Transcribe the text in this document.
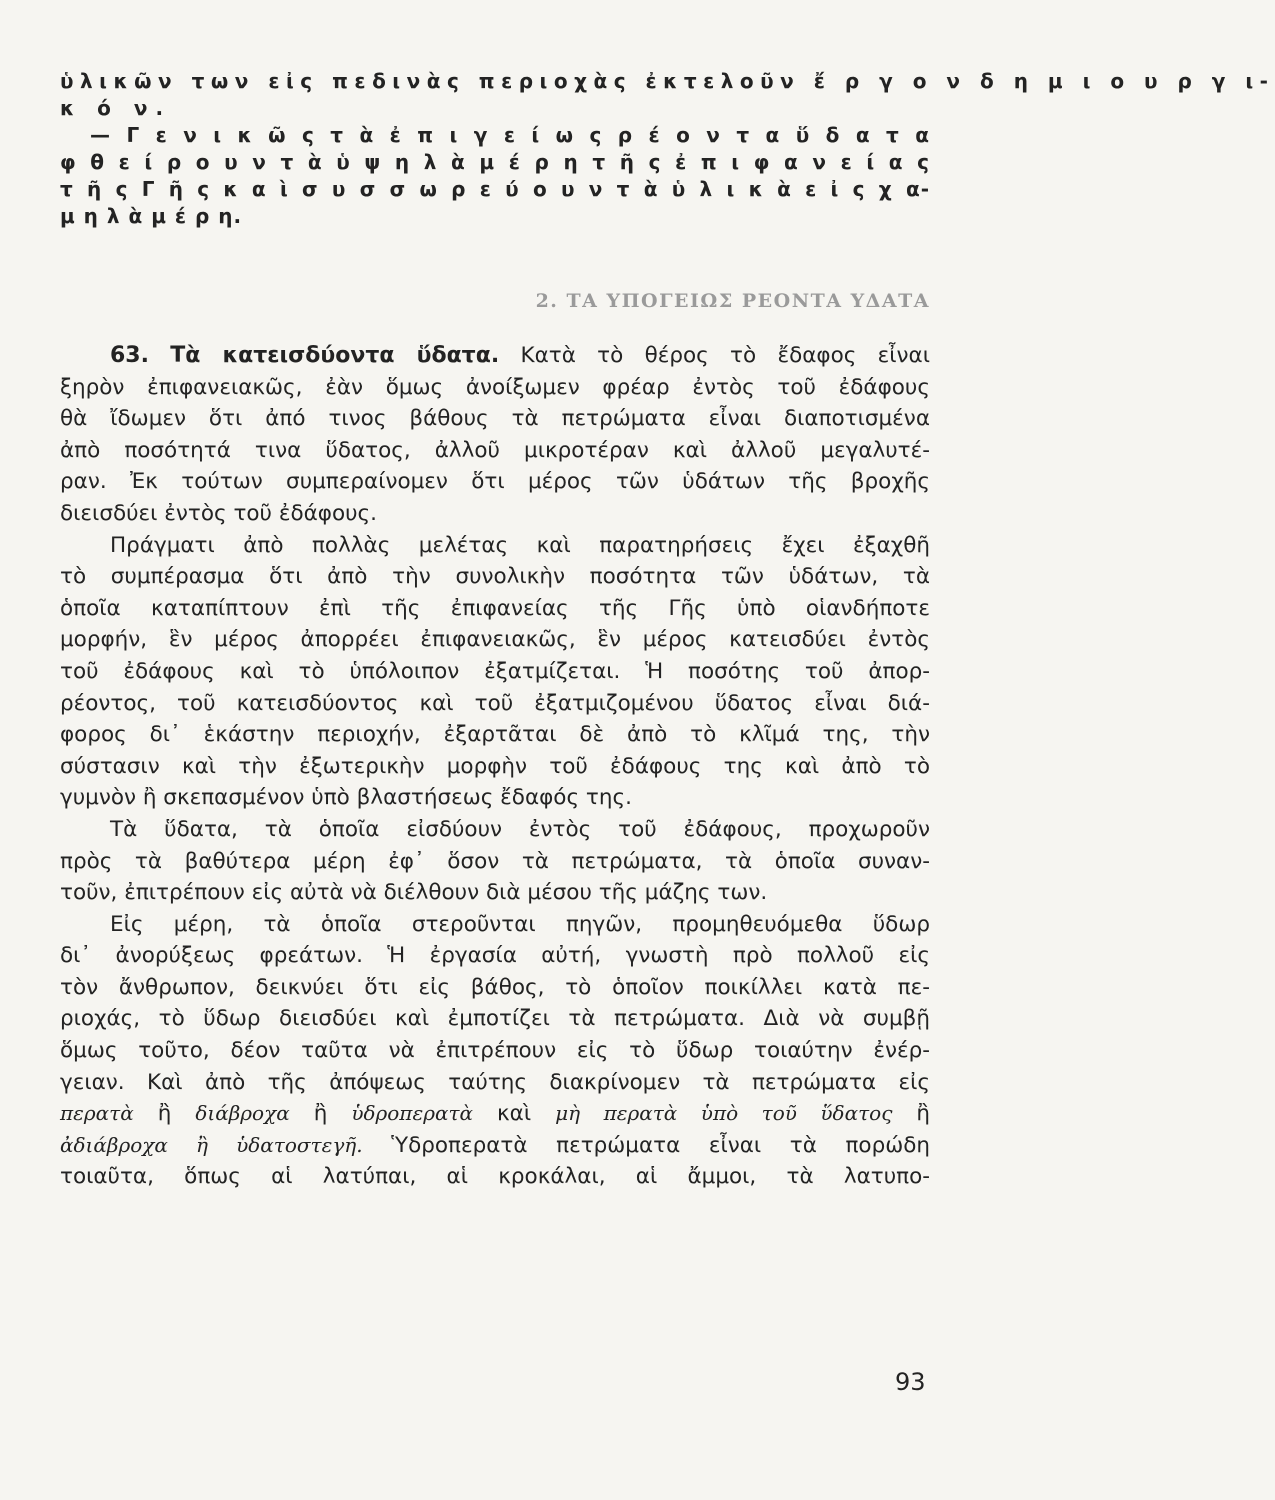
ὑλικῶν των εἰς πεδινὰς περιοχὰς ἐκτελοῦν ἔ ρ γ ο ν δ η μ ι ο υ ρ γ ι-
κ ό ν.
— Γ ε ν ι κ ῶ ς τ ὰ ἐ π ι γ ε ί ω ς ρ έ ο ν τ α ὕ δ α τ α
φ θ ε ί ρ ο υ ν τ ὰ ὑ ψ η λ ὰ μ έ ρ η τ ῆ ς ἐ π ι φ α ν ε ί α ς
τ ῆ ς Γ ῆ ς κ α ὶ σ υ σ σ ω ρ ε ύ ο υ ν τ ὰ ὑ λ ι κ ὰ ε ἰ ς χ α-
μ η λ ὰ μ έ ρ η.
2. ΤΑ ΥΠΟΓΕΙΩΣ ΡΕΟΝΤΑ ΥΔΑΤΑ
63. Τὰ κατεισδύοντα ὕδατα. Κατὰ τὸ θέρος τὸ ἔδαφος εἶναι
ξηρὸν ἐπιφανειακῶς, ἐὰν ὅμως ἀνοίξωμεν φρέαρ ἐντὸς τοῦ ἐδάφους
θὰ ἴδωμεν ὅτι ἀπό τινος βάθους τὰ πετρώματα εἶναι διαποτισμένα
ἀπὸ ποσότητά τινα ὕδατος, ἀλλοῦ μικροτέραν καὶ ἀλλοῦ μεγαλυτέ-
ραν. Ἐκ τούτων συμπεραίνομεν ὅτι μέρος τῶν ὑδάτων τῆς βροχῆς
διεισδύει ἐντὸς τοῦ ἐδάφους.
Πράγματι ἀπὸ πολλὰς μελέτας καὶ παρατηρήσεις ἔχει ἐξαχθῆ
τὸ συμπέρασμα ὅτι ἀπὸ τὴν συνολικὴν ποσότητα τῶν ὑδάτων, τὰ
ὁποῖα καταπίπτουν ἐπὶ τῆς ἐπιφανείας τῆς Γῆς ὑπὸ οἱανδήποτε
μορφήν, ἓν μέρος ἀπορρέει ἐπιφανειακῶς, ἓν μέρος κατεισδύει ἐντὸς
τοῦ ἐδάφους καὶ τὸ ὑπόλοιπον ἐξατμίζεται. Ἡ ποσότης τοῦ ἀπορ-
ρέοντος, τοῦ κατεισδύοντος καὶ τοῦ ἐξατμιζομένου ὕδατος εἶναι διά-
φορος δι᾽ ἑκάστην περιοχήν, ἐξαρτᾶται δὲ ἀπὸ τὸ κλῖμά της, τὴν
σύστασιν καὶ τὴν ἐξωτερικὴν μορφὴν τοῦ ἐδάφους της καὶ ἀπὸ τὸ
γυμνὸν ἢ σκεπασμένον ὑπὸ βλαστήσεως ἔδαφός της.
Τὰ ὕδατα, τὰ ὁποῖα εἰσδύουν ἐντὸς τοῦ ἐδάφους, προχωροῦν
πρὸς τὰ βαθύτερα μέρη ἐφ᾽ ὅσον τὰ πετρώματα, τὰ ὁποῖα συναν-
τοῦν, ἐπιτρέπουν εἰς αὐτὰ νὰ διέλθουν διὰ μέσου τῆς μάζης των.
Εἰς μέρη, τὰ ὁποῖα στεροῦνται πηγῶν, προμηθευόμεθα ὕδωρ
δι᾽ ἀνορύξεως φρεάτων. Ἡ ἐργασία αὐτή, γνωστὴ πρὸ πολλοῦ εἰς
τὸν ἄνθρωπον, δεικνύει ὅτι εἰς βάθος, τὸ ὁποῖον ποικίλλει κατὰ πε-
ριοχάς, τὸ ὕδωρ διεισδύει καὶ ἐμποτίζει τὰ πετρώματα. Διὰ νὰ συμβῇ
ὅμως τοῦτο, δέον ταῦτα νὰ ἐπιτρέπουν εἰς τὸ ὕδωρ τοιαύτην ἐνέρ-
γειαν. Καὶ ἀπὸ τῆς ἀπόψεως ταύτης διακρίνομεν τὰ πετρώματα εἰς
περατὰ ἢ διάβροχα ἢ ὑδροπερατὰ καὶ μὴ περατὰ ὑπὸ τοῦ ὕδατος ἢ
ἀδιάβροχα ἢ ὑδατοστεγῆ. Ὑδροπερατὰ πετρώματα εἶναι τὰ πορώδη
τοιαῦτα, ὅπως αἱ λατύπαι, αἱ κροκάλαι, αἱ ἄμμοι, τὰ λατυπο-
93
